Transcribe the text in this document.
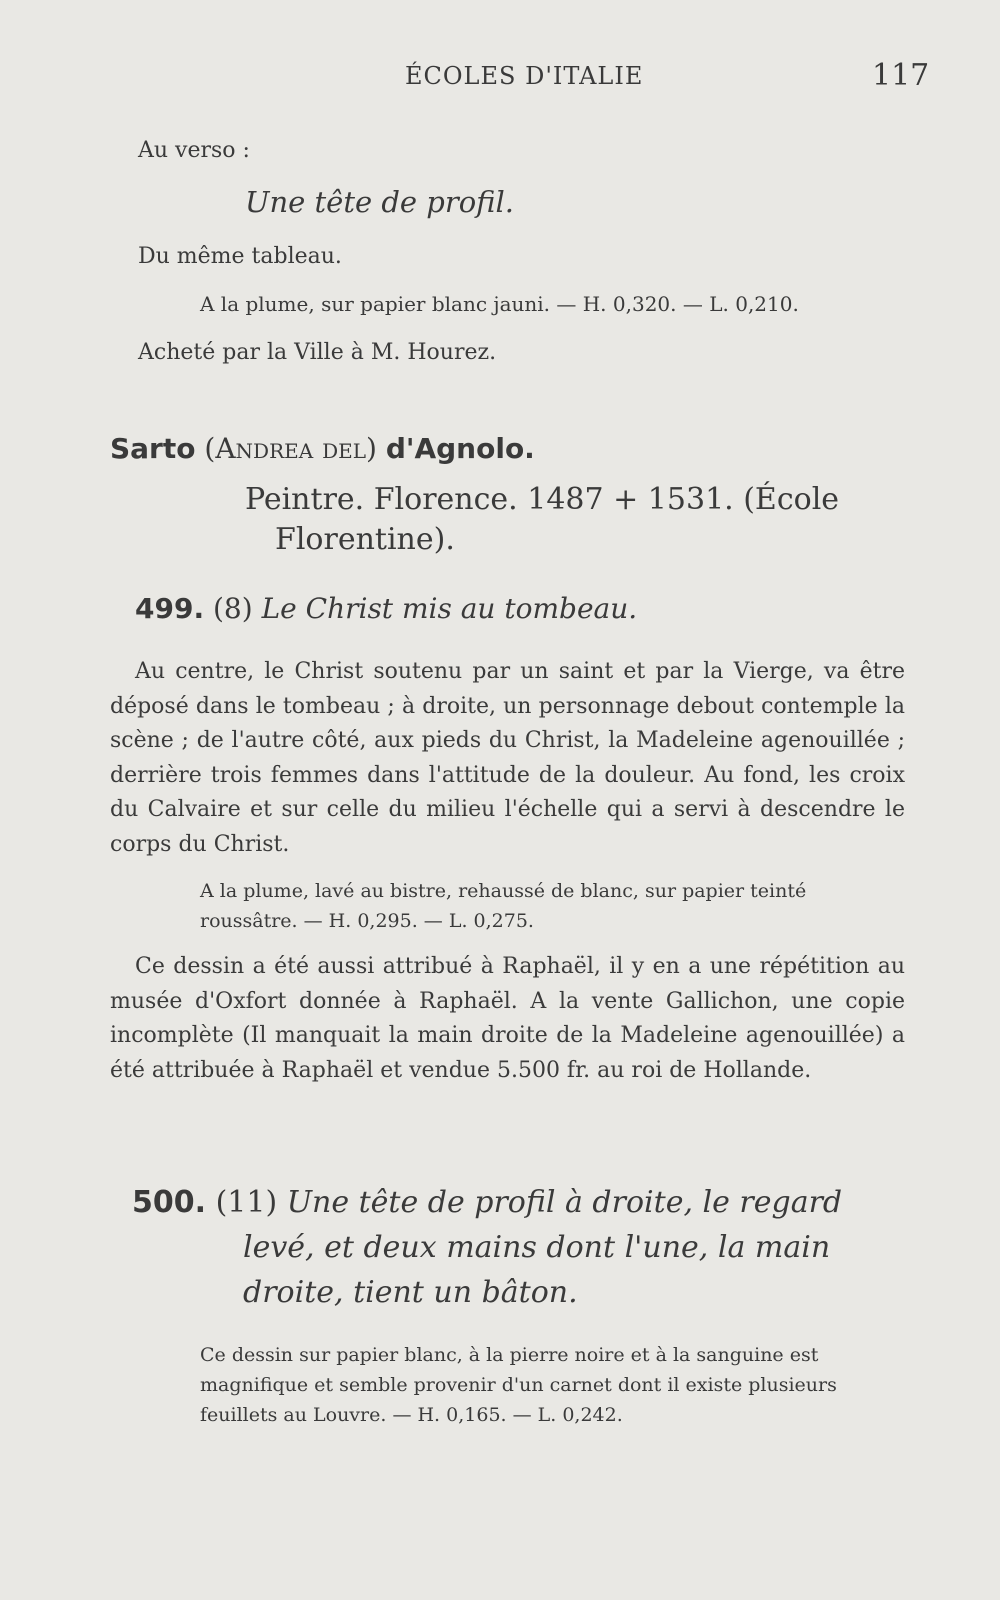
ÉCOLES D'ITALIE	117
Au verso :
Une tête de profil.
Du même tableau.
A la plume, sur papier blanc jauni. — H. 0,320. — L. 0,210.
Acheté par la Ville à M. Hourez.
Sarto (Andrea del) d'Agnolo.
Peintre. Florence. 1487 + 1531. (École
Florentine).
499. (8) Le Christ mis au tombeau.

Au centre, le Christ soutenu par un saint et par la Vierge, va être déposé dans le tombeau ; à droite, un personnage debout contemple la scène ; de l'autre côté, aux pieds du Christ, la Madeleine agenouillée ; derrière trois femmes dans l'attitude de la douleur. Au fond, les croix du Calvaire et sur celle du milieu l'échelle qui a servi à descendre le corps du Christ.

A la plume, lavé au bistre, rehaussé de blanc, sur papier teinté roussâtre. — H. 0,295. — L. 0,275.

Ce dessin a été aussi attribué à Raphaël, il y en a une répétition au musée d'Oxfort donnée à Raphaël. A la vente Gallichon, une copie incomplète (Il manquait la main droite de la Madeleine agenouillée) a été attribuée à Raphaël et vendue 5.500 fr. au roi de Hollande.

500. (11) Une tête de profil à droite, le regard
levé, et deux mains dont l'une, la main
droite, tient un bâton.

Ce dessin sur papier blanc, à la pierre noire et à la sanguine est magnifique et semble provenir d'un carnet dont il existe plusieurs feuillets au Louvre. — H. 0,165. — L. 0,242.
